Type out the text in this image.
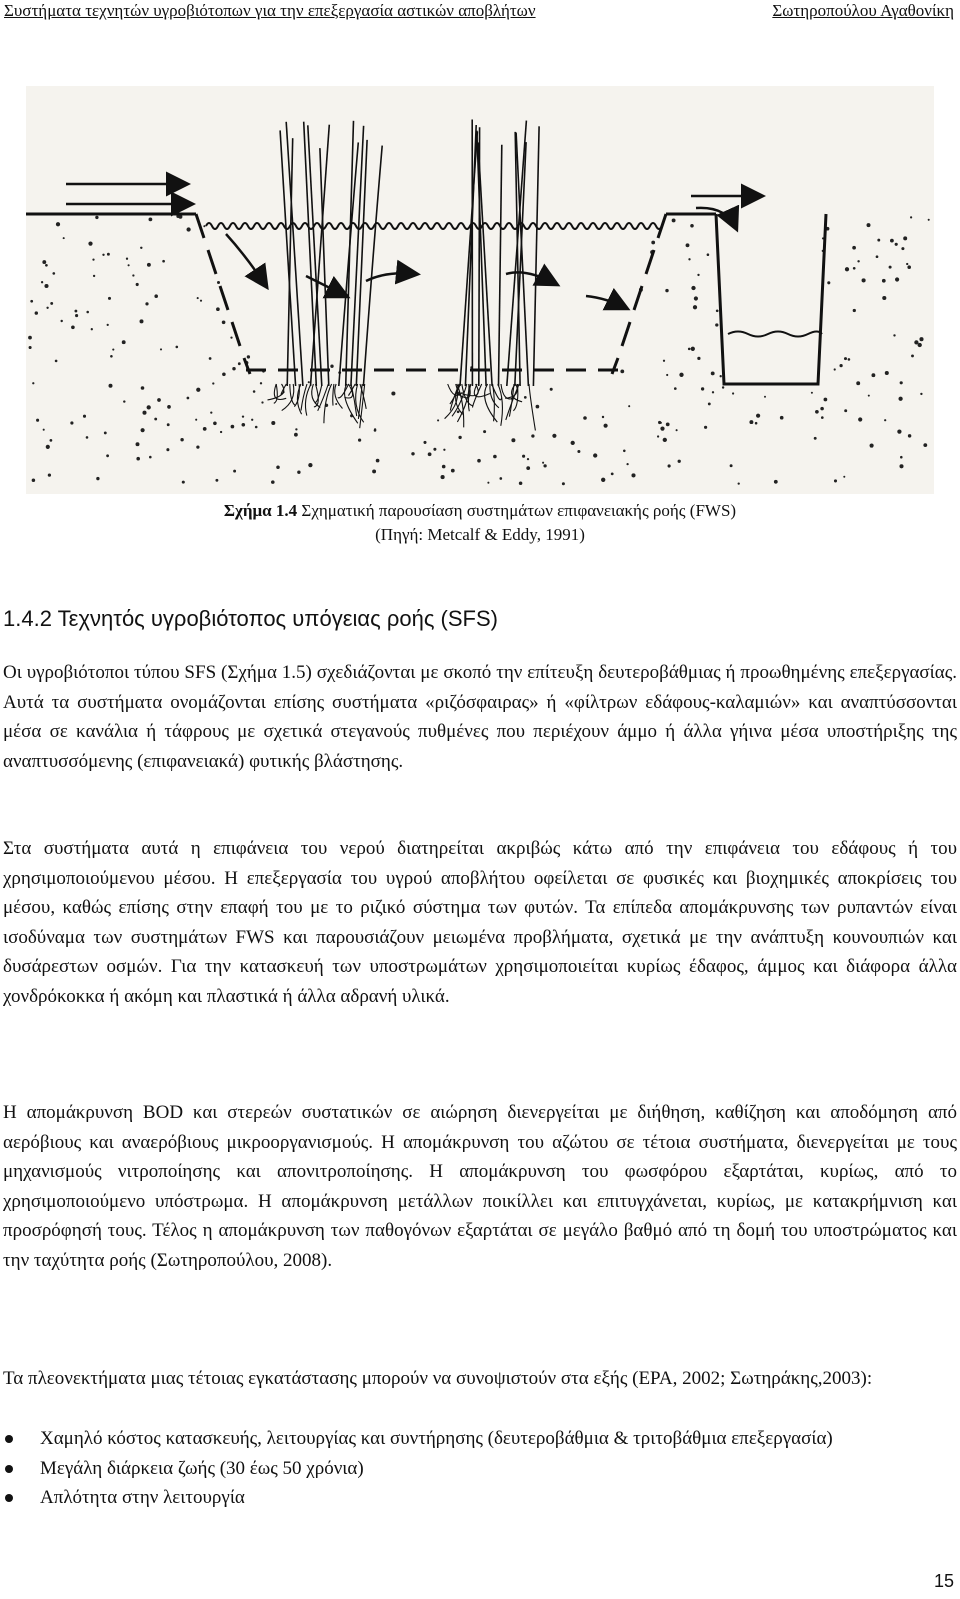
Συστήματα τεχνητών υγροβιότοπων για την επεξεργασία αστικών αποβλήτων	Σωτηροπούλου Αγαθονίκη
Σχήμα 1.4 Σχηματική παρουσίαση συστημάτων επιφανειακής ροής (FWS)
(Πηγή: Metcalf & Eddy, 1991)
1.4.2 Τεχνητός υγροβιότοπος υπόγειας ροής (SFS)

Οι υγροβιότοποι τύπου SFS (Σχήμα 1.5) σχεδιάζονται με σκοπό την επίτευξη δευτεροβάθμιας ή προωθημένης επεξεργασίας. Αυτά τα συστήματα ονομάζονται επίσης συστήματα «ριζόσφαιρας» ή «φίλτρων εδάφους-καλαμιών» και αναπτύσσονται μέσα σε κανάλια ή τάφρους με σχετικά στεγανούς πυθμένες που περιέχουν άμμο ή άλλα γήινα μέσα υποστήριξης της αναπτυσσόμενης (επιφανειακά) φυτικής βλάστησης.

Στα συστήματα αυτά η επιφάνεια του νερού διατηρείται ακριβώς κάτω από την επιφάνεια του εδάφους ή του χρησιμοποιούμενου μέσου. Η επεξεργασία του υγρού αποβλήτου οφείλεται σε φυσικές και βιοχημικές αποκρίσεις του μέσου, καθώς επίσης στην επαφή του με το ριζικό σύστημα των φυτών. Τα επίπεδα απομάκρυνσης των ρυπαντών είναι ισοδύναμα των συστημάτων FWS και παρουσιάζουν μειωμένα προβλήματα, σχετικά με την ανάπτυξη κουνουπιών και δυσάρεστων οσμών. Για την κατασκευή των υποστρωμάτων χρησιμοποιείται κυρίως έδαφος, άμμος και διάφορα άλλα χονδρόκοκκα ή ακόμη και πλαστικά ή άλλα αδρανή υλικά.

Η απομάκρυνση BOD και στερεών συστατικών σε αιώρηση διενεργείται με διήθηση, καθίζηση και αποδόμηση από αερόβιους και αναερόβιους μικροοργανισμούς. Η απομάκρυνση του αζώτου σε τέτοια συστήματα, διενεργείται με τους μηχανισμούς νιτροποίησης και απονιτροποίησης. Η απομάκρυνση του φωσφόρου εξαρτάται, κυρίως, από το χρησιμοποιούμενο υπόστρωμα. Η απομάκρυνση μετάλλων ποικίλλει και επιτυγχάνεται, κυρίως, με κατακρήμνιση και προσρόφησή τους. Τέλος η απομάκρυνση των παθογόνων εξαρτάται σε μεγάλο βαθμό από τη δομή του υποστρώματος και την ταχύτητα ροής (Σωτηροπούλου, 2008).

Τα πλεονεκτήματα μιας τέτοιας εγκατάστασης μπορούν να συνοψιστούν στα εξής (EPA, 2002; Σωτηράκης,2003):

Χαμηλό κόστος κατασκευής, λειτουργίας και συντήρησης (δευτεροβάθμια & τριτοβάθμια επεξεργασία)
Μεγάλη διάρκεια ζωής (30 έως 50 χρόνια)
Απλότητα στην λειτουργία
15
